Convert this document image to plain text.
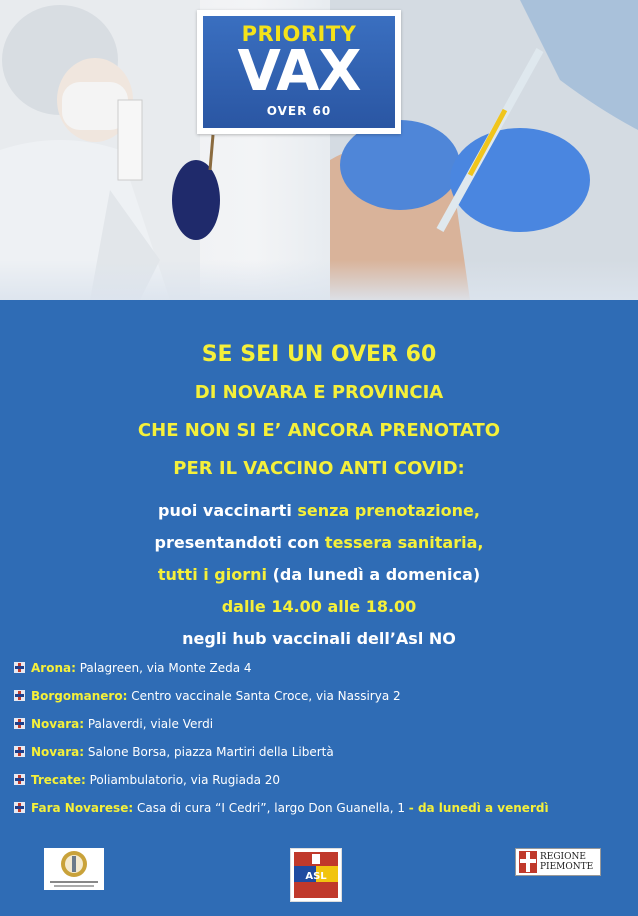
PRIORITY
VAX
OVER 60
SE SEI UN OVER 60
DI NOVARA E PROVINCIA
CHE NON SI E’ ANCORA PRENOTATO
PER IL VACCINO ANTI COVID:
puoi vaccinarti senza prenotazione,
presentandoti con tessera sanitaria,
tutti i giorni (da lunedì a domenica)
dalle 14.00 alle 18.00
negli hub vaccinali dell’Asl NO
Arona: Palagreen, via Monte Zeda 4
Borgomanero: Centro vaccinale Santa Croce, via Nassirya 2
Novara: Palaverdi, viale Verdi
Novara: Salone Borsa, piazza Martiri della Libertà
Trecate: Poliambulatorio, via Rugiada 20
Fara Novarese: Casa di cura “I Cedri”, largo Don Guanella, 1 - da lunedì a venerdì
ASL
REGIONE
PIEMONTE
